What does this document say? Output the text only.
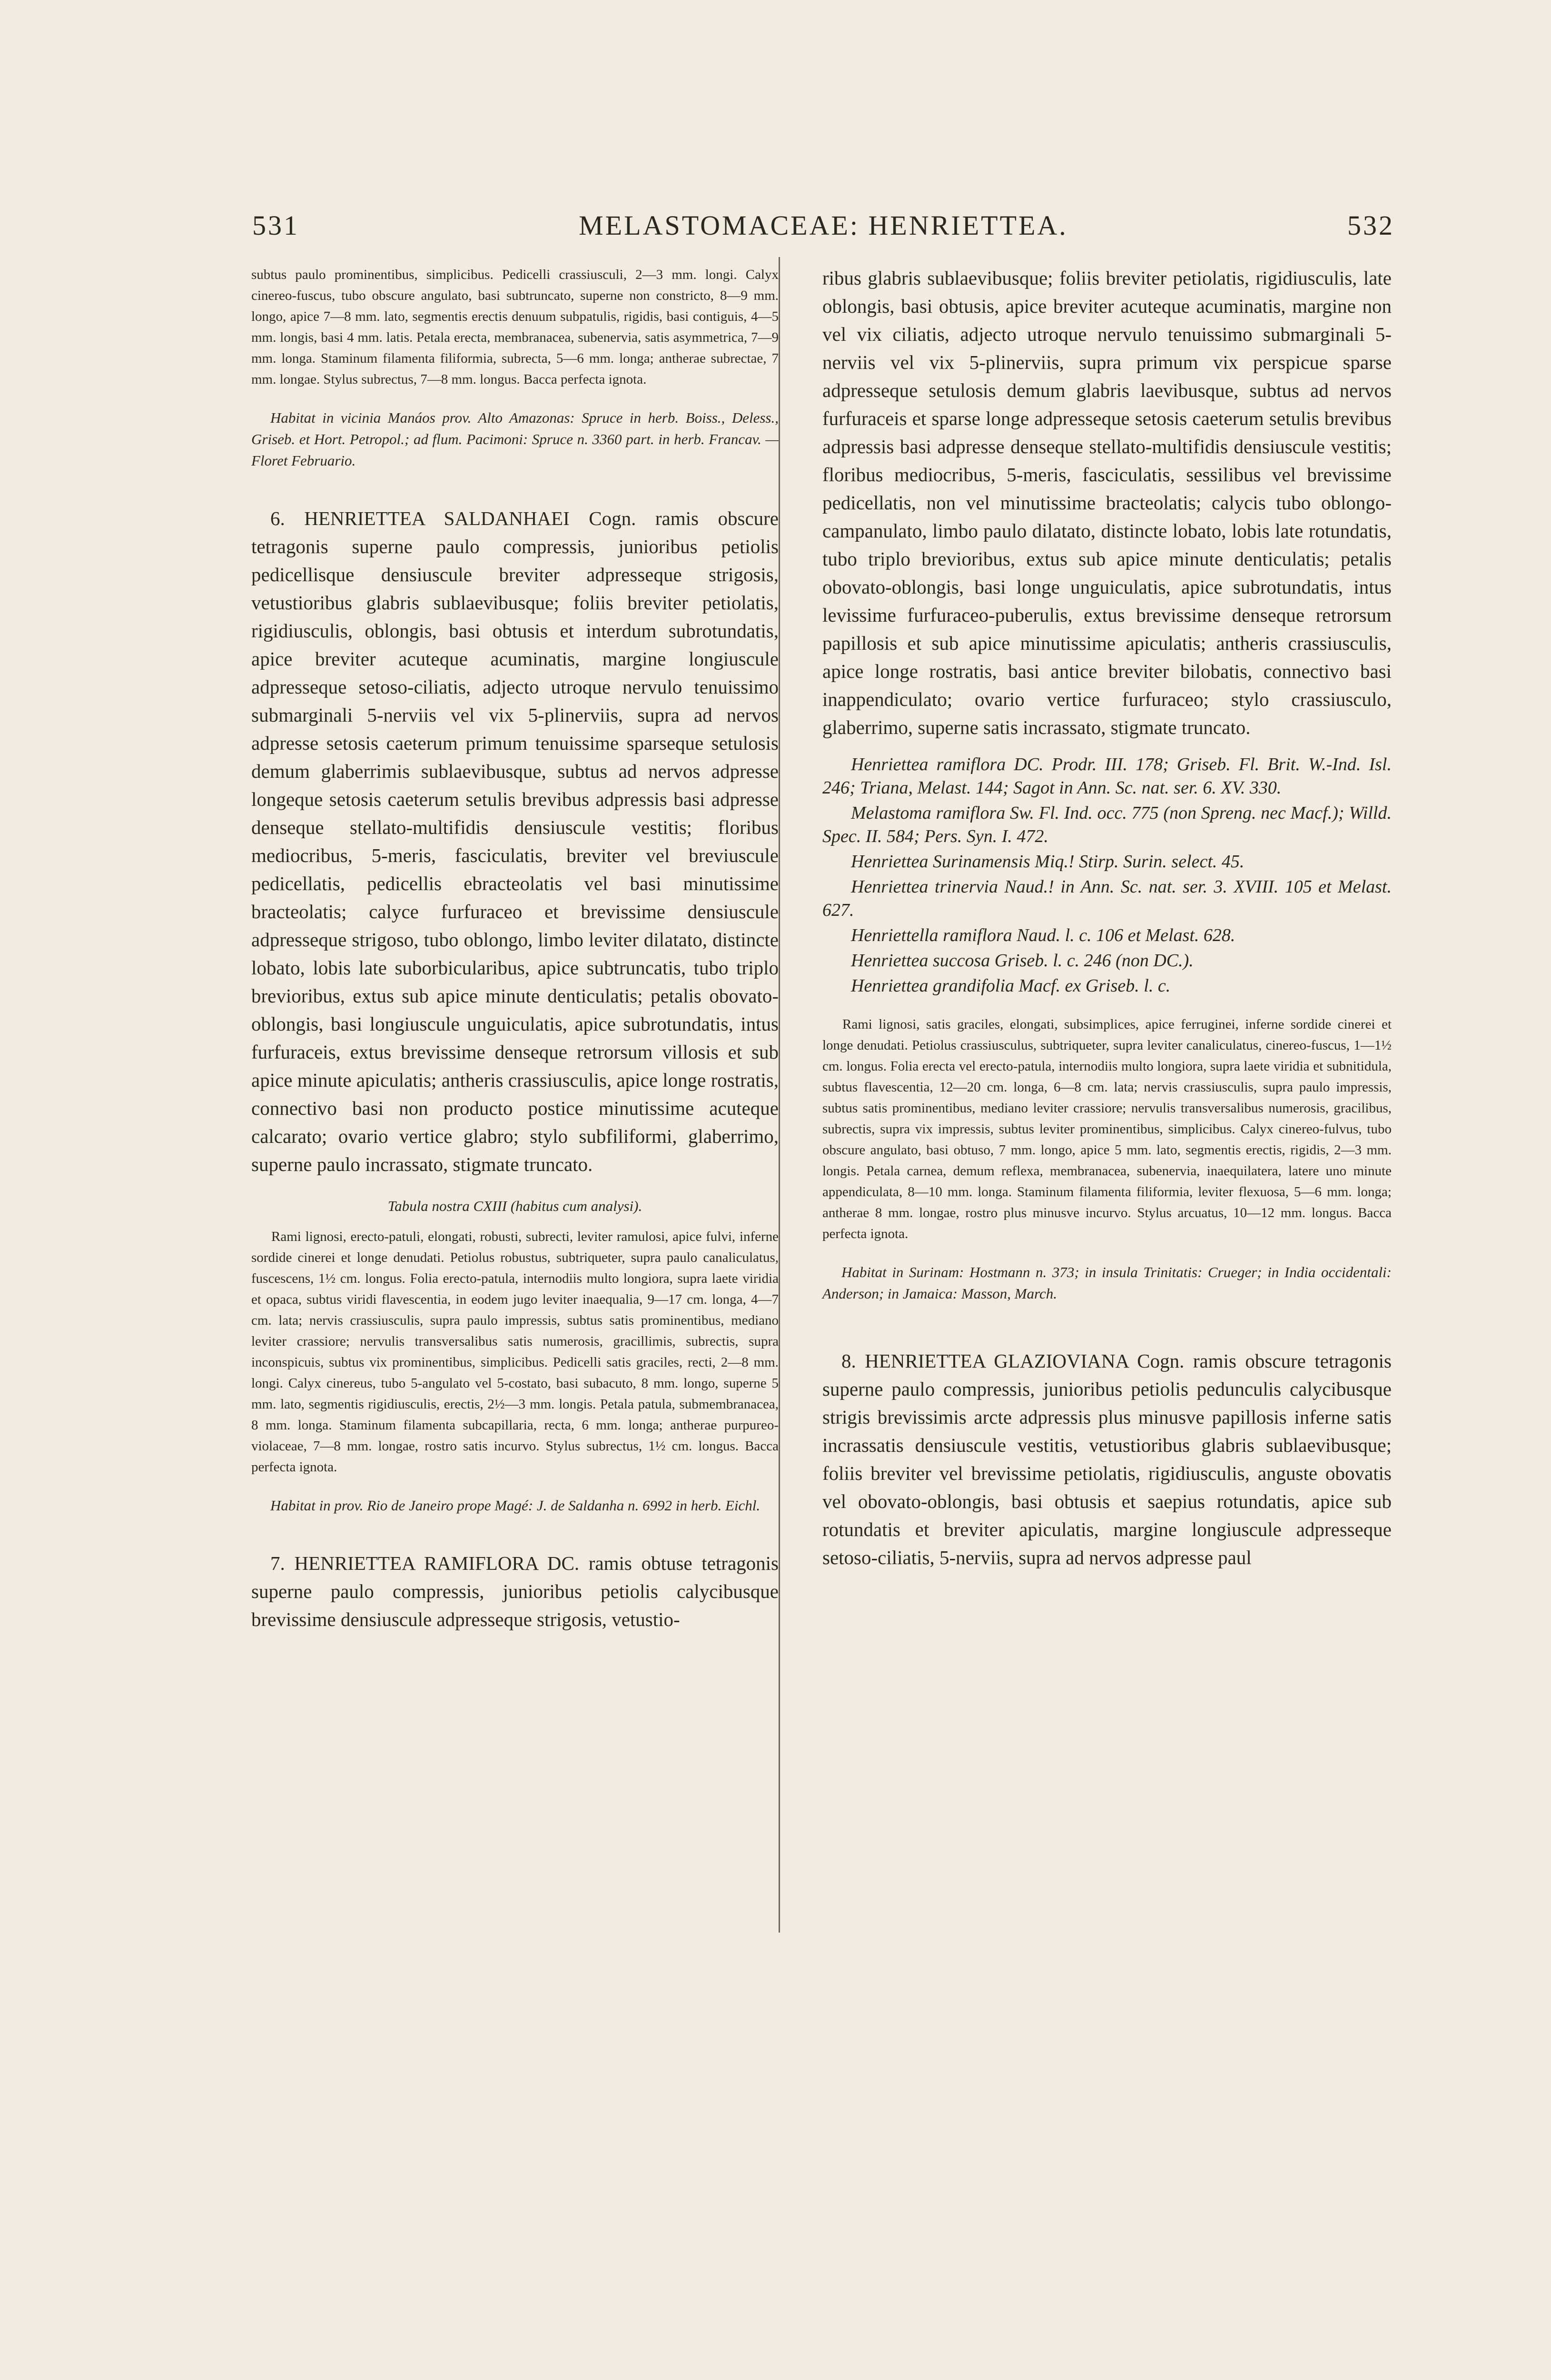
531	MELASTOMACEAE: HENRIETTEA.	532

subtus paulo prominentibus, simplicibus. Pedicelli crassiusculi, 2—3 mm. longi. Calyx cinereo-fuscus, tubo obscure angulato, basi subtruncato, superne non constricto, 8—9 mm. longo, apice 7—8 mm. lato, segmentis erectis denuum subpatulis, rigidis, basi contiguis, 4—5 mm. longis, basi 4 mm. latis. Petala erecta, membranacea, subenervia, satis asymmetrica, 7—9 mm. longa. Staminum filamenta filiformia, subrecta, 5—6 mm. longa; antherae subrectae, 7 mm. longae. Stylus subrectus, 7—8 mm. longus. Bacca perfecta ignota.

Habitat in vicinia Manáos prov. Alto Amazonas: Spruce in herb. Boiss., Deless., Griseb. et Hort. Petropol.; ad flum. Pacimoni: Spruce n. 3360 part. in herb. Francav. — Floret Februario.

6. HENRIETTEA SALDANHAEI Cogn. ramis obscure tetragonis superne paulo compressis, junioribus petiolis pedicellisque densiuscule breviter adpresseque strigosis, vetustioribus glabris sublaevibusque; foliis breviter petiolatis, rigidiusculis, oblongis, basi obtusis et interdum subrotundatis, apice breviter acuteque acuminatis, margine longiuscule adpresseque setoso-ciliatis, adjecto utroque nervulo tenuissimo submarginali 5-nerviis vel vix 5-plinerviis, supra ad nervos adpresse setosis caeterum primum tenuissime sparseque setulosis demum glaberrimis sublaevibusque, subtus ad nervos adpresse longeque setosis caeterum setulis brevibus adpressis basi adpresse denseque stellato-multifidis densiuscule vestitis; floribus mediocribus, 5-meris, fasciculatis, breviter vel breviuscule pedicellatis, pedicellis ebracteolatis vel basi minutissime bracteolatis; calyce furfuraceo et brevissime densiuscule adpresseque strigoso, tubo oblongo, limbo leviter dilatato, distincte lobato, lobis late suborbicularibus, apice subtruncatis, tubo triplo brevioribus, extus sub apice minute denticulatis; petalis obovato-oblongis, basi longiuscule unguiculatis, apice subrotundatis, intus furfuraceis, extus brevissime denseque retrorsum villosis et sub apice minute apiculatis; antheris crassiusculis, apice longe rostratis, connectivo basi non producto postice minutissime acuteque calcarato; ovario vertice glabro; stylo subfiliformi, glaberrimo, superne paulo incrassato, stigmate truncato.

Tabula nostra CXIII (habitus cum analysi).

Rami lignosi, erecto-patuli, elongati, robusti, subrecti, leviter ramulosi, apice fulvi, inferne sordide cinerei et longe denudati. Petiolus robustus, subtriqueter, supra paulo canaliculatus, fuscescens, 1½ cm. longus. Folia erecto-patula, internodiis multo longiora, supra laete viridia et opaca, subtus viridi flavescentia, in eodem jugo leviter inaequalia, 9—17 cm. longa, 4—7 cm. lata; nervis crassiusculis, supra paulo impressis, subtus satis prominentibus, mediano leviter crassiore; nervulis transversalibus satis numerosis, gracillimis, subrectis, supra inconspicuis, subtus vix prominentibus, simplicibus. Pedicelli satis graciles, recti, 2—8 mm. longi. Calyx cinereus, tubo 5-angulato vel 5-costato, basi subacuto, 8 mm. longo, superne 5 mm. lato, segmentis rigidiusculis, erectis, 2½—3 mm. longis. Petala patula, submembranacea, 8 mm. longa. Staminum filamenta subcapillaria, recta, 6 mm. longa; antherae purpureo-violaceae, 7—8 mm. longae, rostro satis incurvo. Stylus subrectus, 1½ cm. longus. Bacca perfecta ignota.

Habitat in prov. Rio de Janeiro prope Magé: J. de Saldanha n. 6992 in herb. Eichl.

7. HENRIETTEA RAMIFLORA DC. ramis obtuse tetragonis superne paulo compressis, junioribus petiolis calycibusque brevissime densiuscule adpresseque strigosis, vetustio-

ribus glabris sublaevibusque; foliis breviter petiolatis, rigidiusculis, late oblongis, basi obtusis, apice breviter acuteque acuminatis, margine non vel vix ciliatis, adjecto utroque nervulo tenuissimo submarginali 5-nerviis vel vix 5-plinerviis, supra primum vix perspicue sparse adpresseque setulosis demum glabris laevibusque, subtus ad nervos furfuraceis et sparse longe adpresseque setosis caeterum setulis brevibus adpressis basi adpresse denseque stellato-multifidis densiuscule vestitis; floribus mediocribus, 5-meris, fasciculatis, sessilibus vel brevissime pedicellatis, non vel minutissime bracteolatis; calycis tubo oblongo-campanulato, limbo paulo dilatato, distincte lobato, lobis late rotundatis, tubo triplo brevioribus, extus sub apice minute denticulatis; petalis obovato-oblongis, basi longe unguiculatis, apice subrotundatis, intus levissime furfuraceo-puberulis, extus brevissime denseque retrorsum papillosis et sub apice minutissime apiculatis; antheris crassiusculis, apice longe rostratis, basi antice breviter bilobatis, connectivo basi inappendiculato; ovario vertice furfuraceo; stylo crassiusculo, glaberrimo, superne satis incrassato, stigmate truncato.

Henriettea ramiflora DC. Prodr. III. 178; Griseb. Fl. Brit. W.-Ind. Isl. 246; Triana, Melast. 144; Sagot in Ann. Sc. nat. ser. 6. XV. 330.

Melastoma ramiflora Sw. Fl. Ind. occ. 775 (non Spreng. nec Macf.); Willd. Spec. II. 584; Pers. Syn. I. 472.

Henriettea Surinamensis Miq.! Stirp. Surin. select. 45.

Henriettea trinervia Naud.! in Ann. Sc. nat. ser. 3. XVIII. 105 et Melast. 627.

Henriettella ramiflora Naud. l. c. 106 et Melast. 628.

Henriettea succosa Griseb. l. c. 246 (non DC.).

Henriettea grandifolia Macf. ex Griseb. l. c.

Rami lignosi, satis graciles, elongati, subsimplices, apice ferruginei, inferne sordide cinerei et longe denudati. Petiolus crassiusculus, subtriqueter, supra leviter canaliculatus, cinereo-fuscus, 1—1½ cm. longus. Folia erecta vel erecto-patula, internodiis multo longiora, supra laete viridia et subnitidula, subtus flavescentia, 12—20 cm. longa, 6—8 cm. lata; nervis crassiusculis, supra paulo impressis, subtus satis prominentibus, mediano leviter crassiore; nervulis transversalibus numerosis, gracilibus, subrectis, supra vix impressis, subtus leviter prominentibus, simplicibus. Calyx cinereo-fulvus, tubo obscure angulato, basi obtuso, 7 mm. longo, apice 5 mm. lato, segmentis erectis, rigidis, 2—3 mm. longis. Petala carnea, demum reflexa, membranacea, subenervia, inaequilatera, latere uno minute appendiculata, 8—10 mm. longa. Staminum filamenta filiformia, leviter flexuosa, 5—6 mm. longa; antherae 8 mm. longae, rostro plus minusve incurvo. Stylus arcuatus, 10—12 mm. longus. Bacca perfecta ignota.

Habitat in Surinam: Hostmann n. 373; in insula Trinitatis: Crueger; in India occidentali: Anderson; in Jamaica: Masson, March.

8. HENRIETTEA GLAZIOVIANA Cogn. ramis obscure tetragonis superne paulo compressis, junioribus petiolis pedunculis calycibusque strigis brevissimis arcte adpressis plus minusve papillosis inferne satis incrassatis densiuscule vestitis, vetustioribus glabris sublaevibusque; foliis breviter vel brevissime petiolatis, rigidiusculis, anguste obovatis vel obovato-oblongis, basi obtusis et saepius rotundatis, apice sub rotundatis et breviter apiculatis, margine longiuscule adpresseque setoso-ciliatis, 5-nerviis, supra ad nervos adpresse paul
